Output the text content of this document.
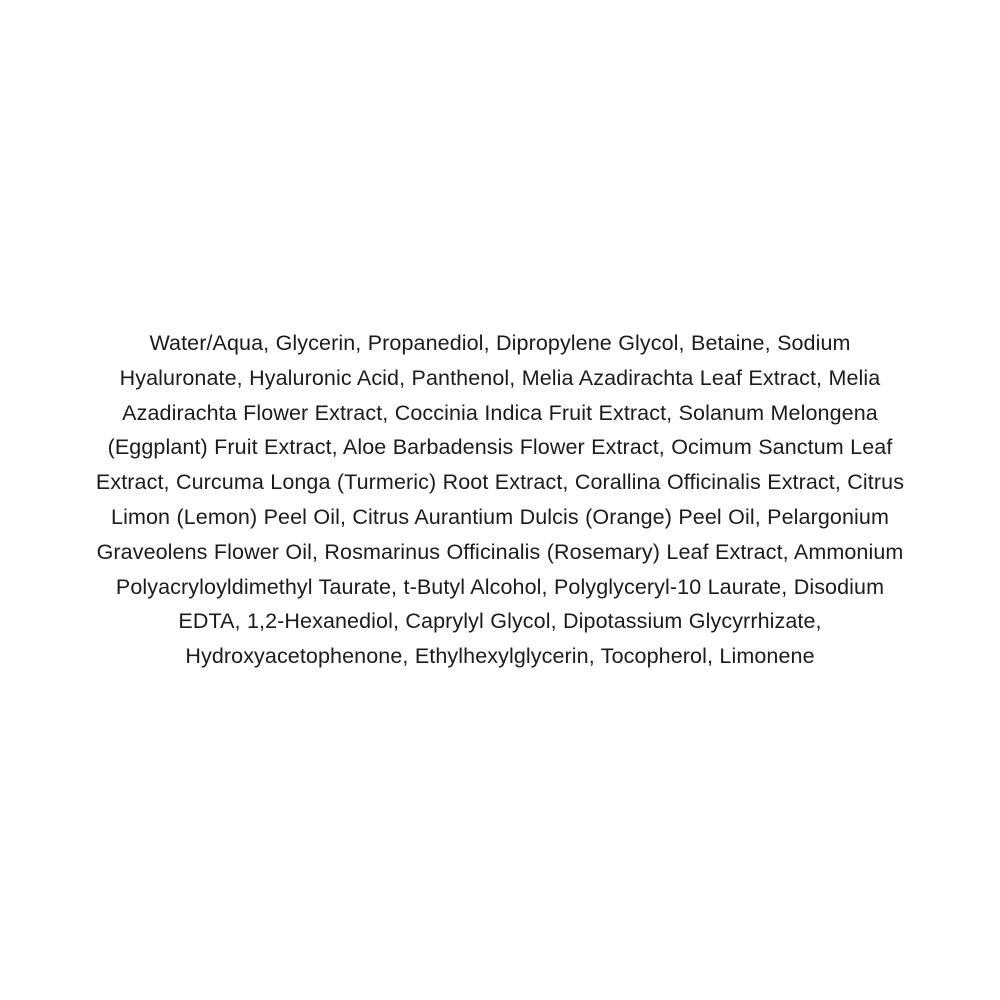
Water/Aqua, Glycerin, Propanediol, Dipropylene Glycol, Betaine, Sodium Hyaluronate, Hyaluronic Acid, Panthenol, Melia Azadirachta Leaf Extract, Melia Azadirachta Flower Extract, Coccinia Indica Fruit Extract, Solanum Melongena (Eggplant) Fruit Extract, Aloe Barbadensis Flower Extract, Ocimum Sanctum Leaf Extract, Curcuma Longa (Turmeric) Root Extract, Corallina Officinalis Extract, Citrus Limon (Lemon) Peel Oil, Citrus Aurantium Dulcis (Orange) Peel Oil, Pelargonium Graveolens Flower Oil, Rosmarinus Officinalis (Rosemary) Leaf Extract, Ammonium Polyacryloyldimethyl Taurate, t-Butyl Alcohol, Polyglyceryl-10 Laurate, Disodium EDTA, 1,2-Hexanediol, Caprylyl Glycol, Dipotassium Glycyrrhizate, Hydroxyacetophenone, Ethylhexylglycerin, Tocopherol, Limonene
